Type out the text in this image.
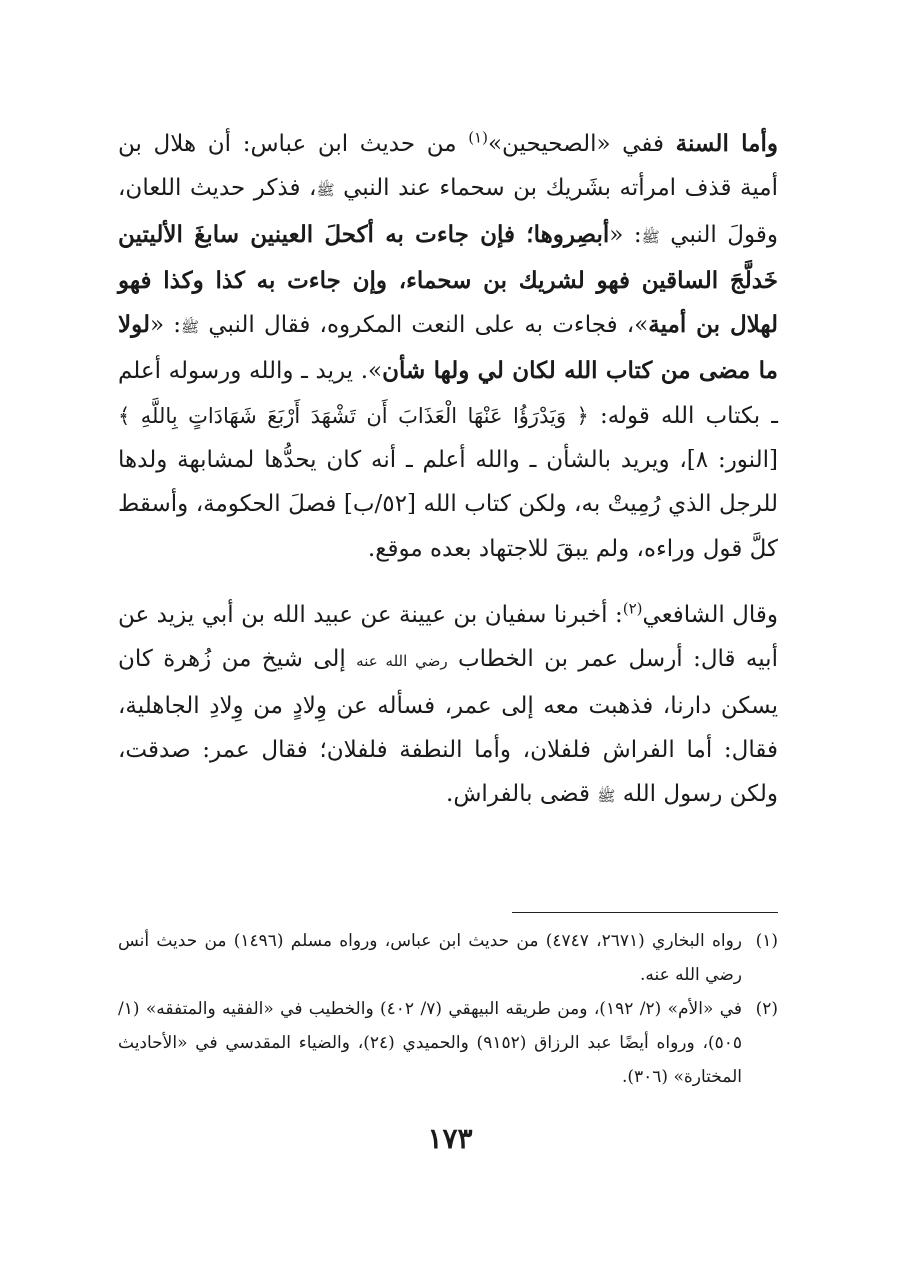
وأما السنة ففي «الصحيحين»$^{(١)}$ من حديث ابن عباس: أن هلال بن أمية قذف امرأته بشَريك بن سحماء عند النبي ﷺ، فذكر حديث اللعان، وقولَ النبي ﷺ: «أبصِروها؛ فإن جاءت به أكحلَ العينين سابغَ الأليتين خَدلَّجَ الساقين فهو لشريك بن سحماء، وإن جاءت به كذا وكذا فهو لهلال بن أمية»، فجاءت به على النعت المكروه، فقال النبي ﷺ: «لولا ما مضى من كتاب الله لكان لي ولها شأن». يريد ـ والله ورسوله أعلم ـ بكتاب الله قوله: ﴿ وَيَدْرَؤُا عَنْهَا الْعَذَابَ أَن تَشْهَدَ أَرْبَعَ شَهَادَاتٍ بِاللَّهِ ﴾ [النور: ٨]، ويريد بالشأن ـ والله أعلم ـ أنه كان يحدُّها لمشابهة ولدها للرجل الذي رُمِيتْ به، ولكن كتاب الله [٥٢/ب] فصلَ الحكومة، وأسقط كلَّ قول وراءه، ولم يبقَ للاجتهاد بعده موقع.

وقال الشافعي$^{(٢)}$: أخبرنا سفيان بن عيينة عن عبيد الله بن أبي يزيد عن أبيه قال: أرسل عمر بن الخطاب رضي الله عنه إلى شيخ من زُهرة كان يسكن دارنا، فذهبت معه إلى عمر، فسأله عن وِلادٍ من وِلادِ الجاهلية، فقال: أما الفراش فلفلان، وأما النطفة فلفلان؛ فقال عمر: صدقت، ولكن رسول الله ﷺ قضى بالفراش.

(١)
رواه البخاري (٢٦٧١، ٤٧٤٧) من حديث ابن عباس، ورواه مسلم (١٤٩٦) من حديث أنس رضي الله عنه.
(٢)
في «الأم» (٢/ ١٩٢)، ومن طريقه البيهقي (٧/ ٤٠٢) والخطيب في «الفقيه والمتفقه» (١/ ٥٠٥)، ورواه أيضًا عبد الرزاق (٩١٥٢) والحميدي (٢٤)، والضياء المقدسي في «الأحاديث المختارة» (٣٠٦).
١٧٣
